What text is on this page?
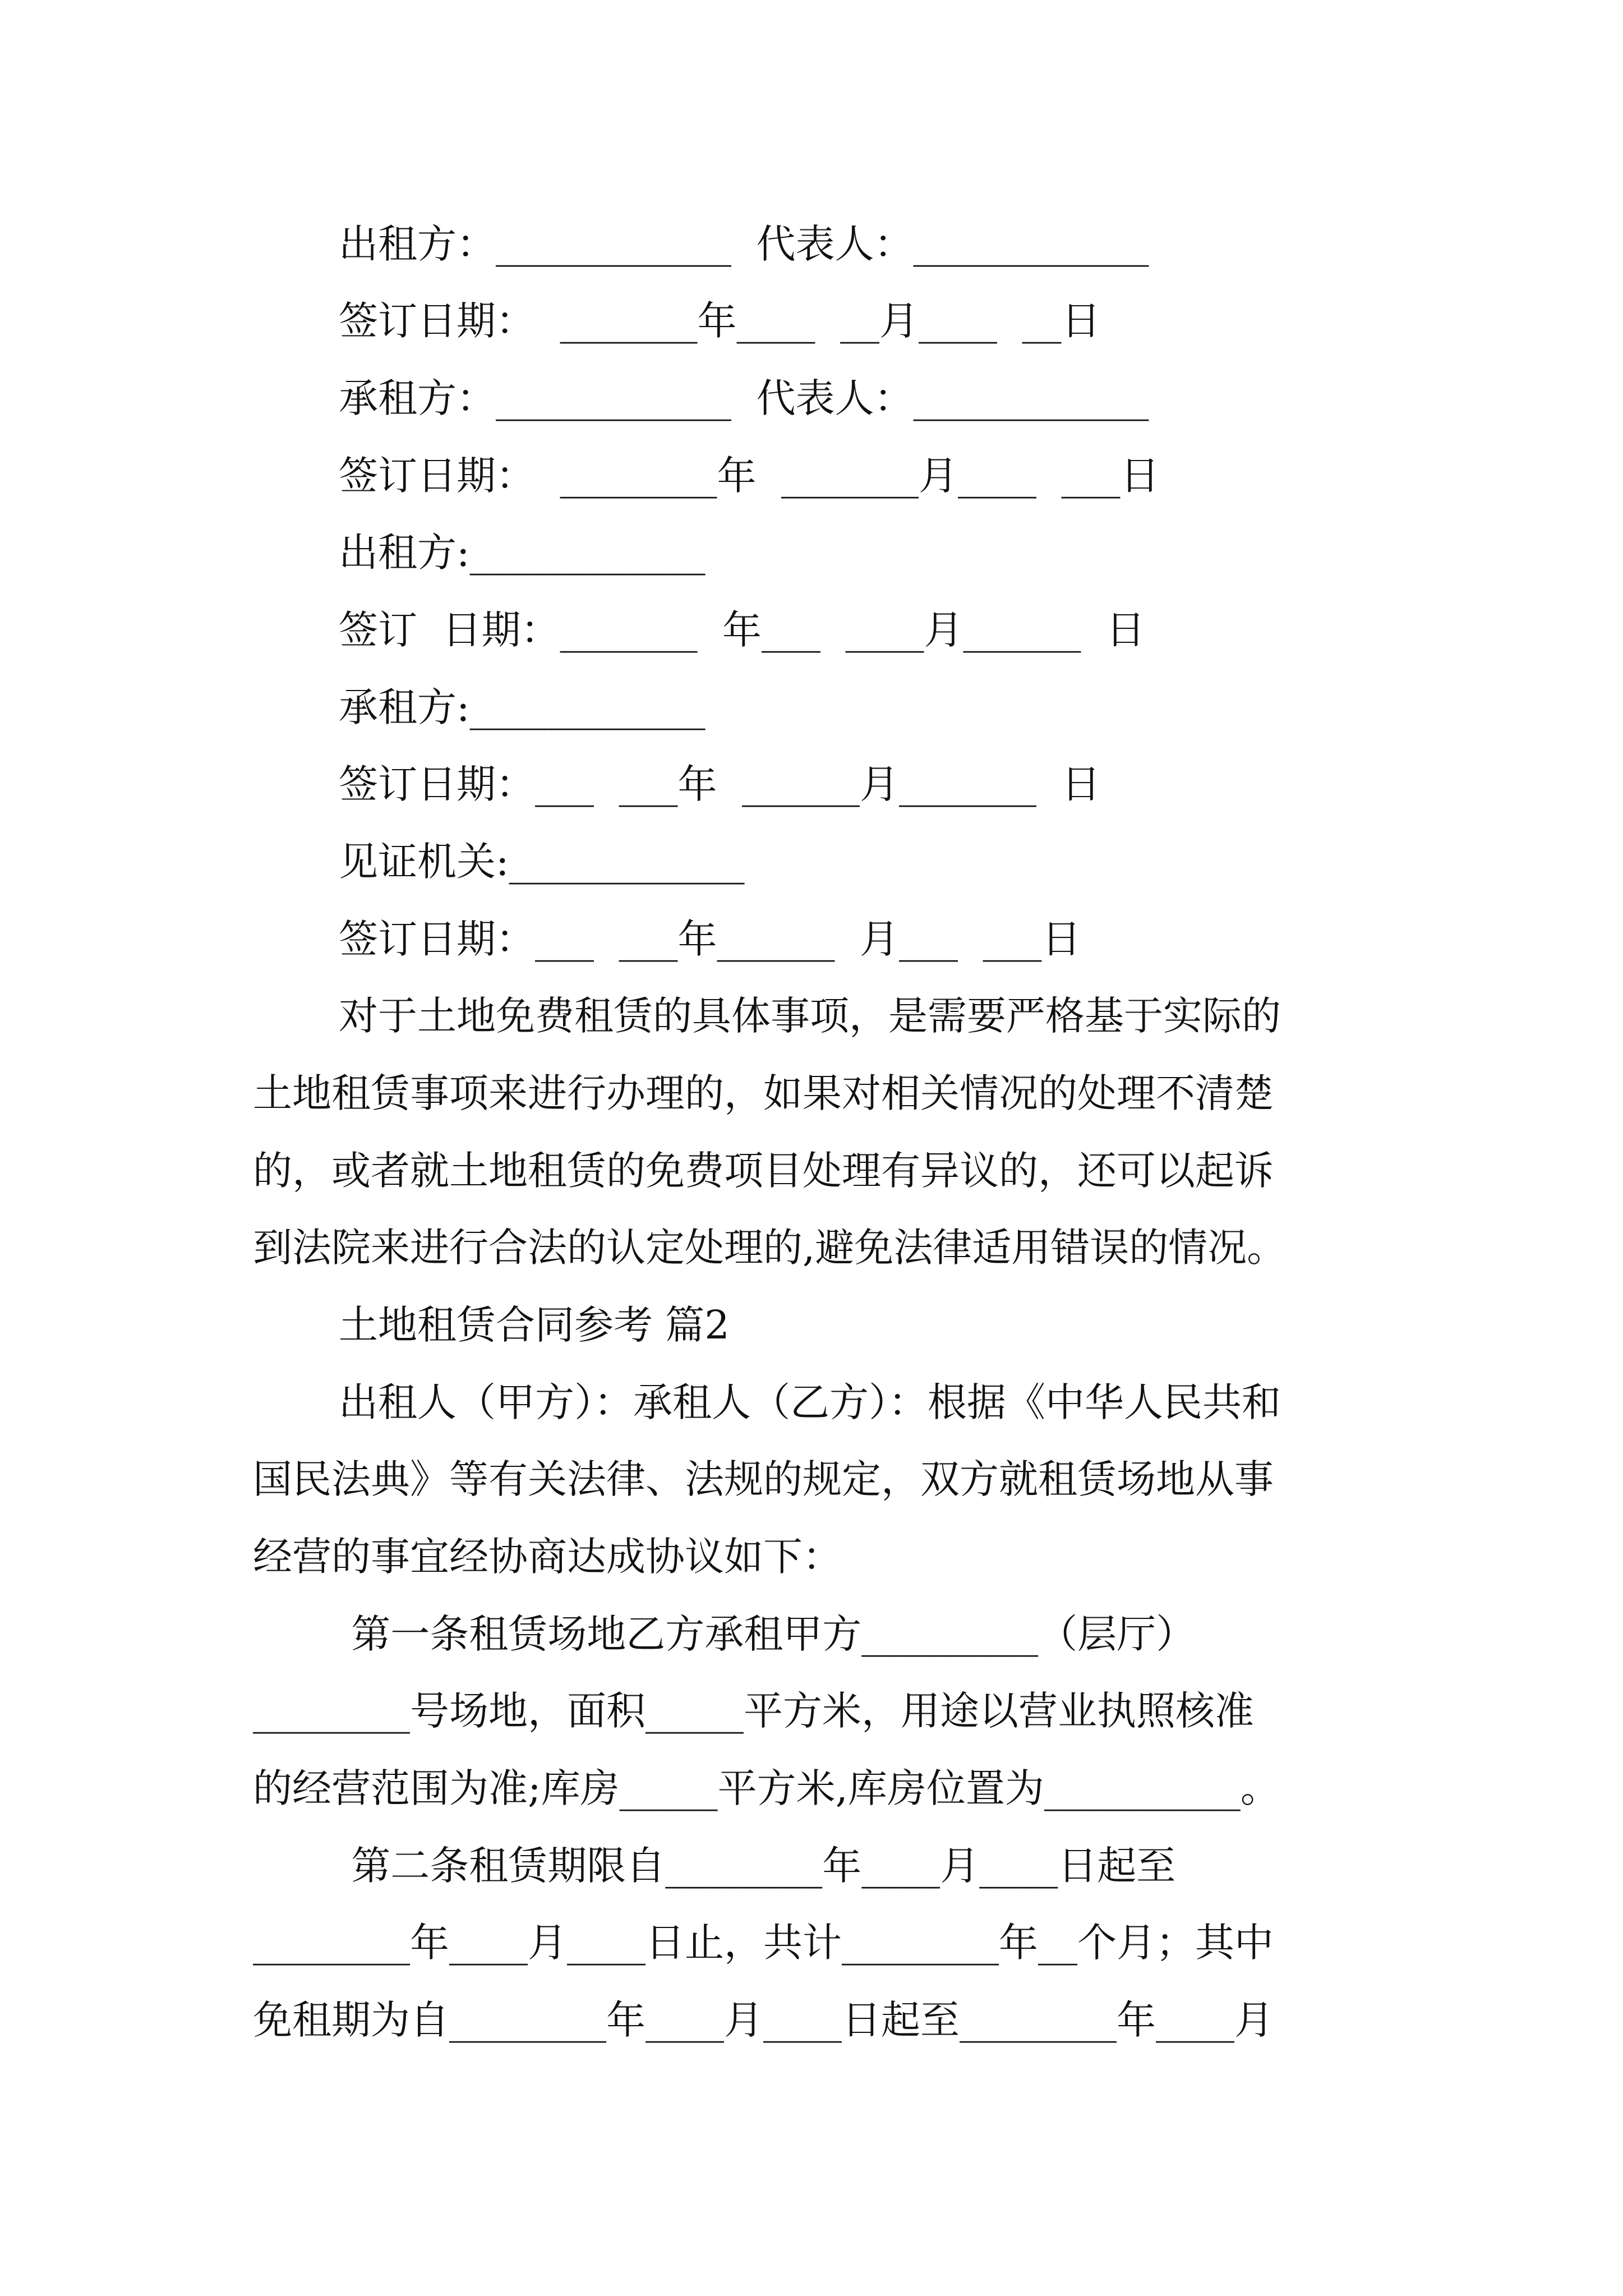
出租方：____________  代表人：____________
签订日期：  _______年____  __月____  __日
承租方：____________  代表人：____________
签订日期：  ________年  _______月____  ___日
出租方:____________
签订  日期：_______  年___  ____月______  日
承租方:____________
签订日期：___  ___年  ______月_______  日
见证机关:____________
签订日期：___  ___年______  月___  ___日
对于土地免费租赁的具体事项，是需要严格基于实际的
土地租赁事项来进行办理的，如果对相关情况的处理不清楚
的，或者就土地租赁的免费项目处理有异议的，还可以起诉
到法院来进行合法的认定处理的,避免法律适用错误的情况。
土地租赁合同参考 篇2
出租人（甲方）：承租人（乙方）：根据《中华人民共和
国民法典》等有关法律、法规的规定，双方就租赁场地从事
经营的事宜经协商达成协议如下：
第一条租赁场地乙方承租甲方_________（层厅）
________号场地，面积_____平方米，用途以营业执照核准
的经营范围为准;库房_____平方米,库房位置为__________。
第二条租赁期限自________年____月____日起至
________年____月____日止，共计________年__个月；其中
免租期为自________年____月____日起至________年____月
